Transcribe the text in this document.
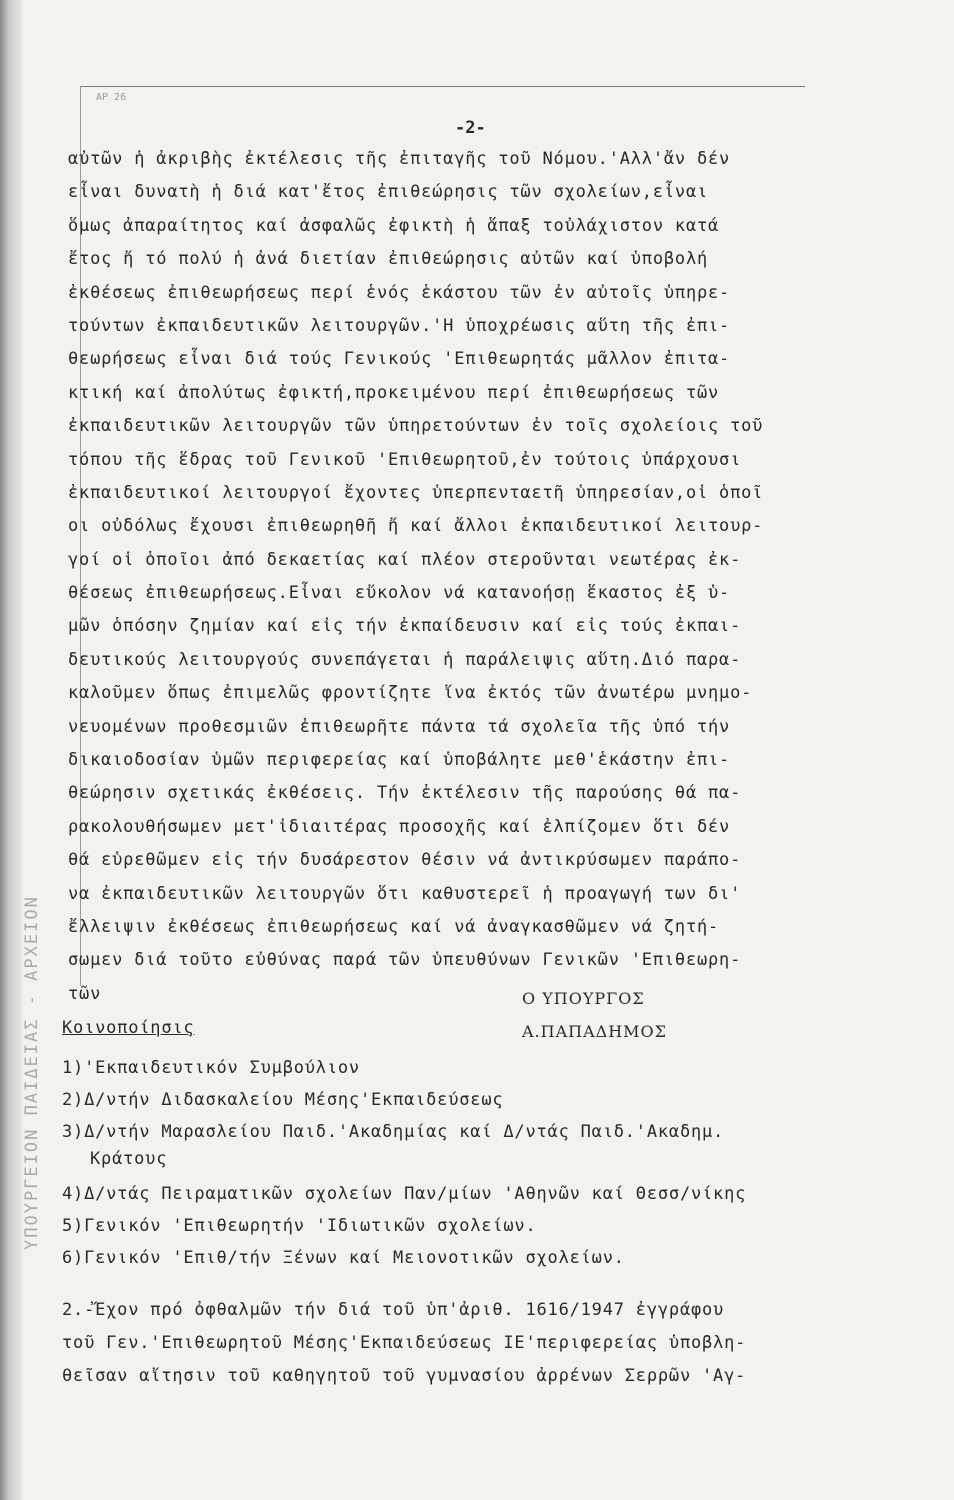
ΥΠΟΥΡΓΕΙΟΝ ΠΑΙΔΕΙΑΣ - ΑΡΧΕΙΟΝ
ΑΡ 26
-2-
αὐτῶν ἡ ἀκριβὴς ἐκτέλεσις τῆς ἐπιταγῆς τοῦ Νόμου.'Αλλ'ἄν δέν
εἶναι δυνατὴ ἡ διά κατ'ἔτος ἐπιθεώρησις τῶν σχολείων,εἶναι
ὅμως ἀπαραίτητος καί ἀσφαλῶς ἐφικτὴ ἡ ἅπαξ τοὐλάχιστον κατά
ἔτος ἤ τό πολύ ἡ ἀνά διετίαν ἐπιθεώρησις αὐτῶν καί ὑποβολή
ἐκθέσεως ἐπιθεωρήσεως περί ἑνός ἑκάστου τῶν ἐν αὐτοῖς ὑπηρε-
τούντων ἐκπαιδευτικῶν λειτουργῶν.'Η ὑποχρέωσις αὕτη τῆς ἐπι-
θεωρήσεως εἶναι διά τούς Γενικούς 'Επιθεωρητάς μᾶλλον ἐπιτα-
κτική καί ἀπολύτως ἐφικτή,προκειμένου περί ἐπιθεωρήσεως τῶν
ἐκπαιδευτικῶν λειτουργῶν τῶν ὑπηρετούντων ἐν τοῖς σχολείοις τοῦ
τόπου τῆς ἕδρας τοῦ Γενικοῦ 'Επιθεωρητοῦ,ἐν τούτοις ὑπάρχουσι
ἐκπαιδευτικοί λειτουργοί ἔχοντες ὑπερπενταετῆ ὑπηρεσίαν,οἱ ὁποῖ
οι οὐδόλως ἔχουσι ἐπιθεωρηθῆ ἤ καί ἄλλοι ἐκπαιδευτικοί λειτουρ-
γοί οἱ ὁποῖοι ἀπό δεκαετίας καί πλέον στεροῦνται νεωτέρας ἐκ-
θέσεως ἐπιθεωρήσεως.Εἶναι εὔκολον νά κατανοήσῃ ἕκαστος ἐξ ὑ-
μῶν ὁπόσην ζημίαν καί εἰς τήν ἐκπαίδευσιν καί εἰς τούς ἐκπαι-
δευτικούς λειτουργούς συνεπάγεται ἡ παράλειψις αὕτη.Διό παρα-
καλοῦμεν ὅπως ἐπιμελῶς φροντίζητε ἵνα ἐκτός τῶν ἀνωτέρω μνημο-
νευομένων προθεσμιῶν ἐπιθεωρῆτε πάντα τά σχολεῖα τῆς ὑπό τήν
δικαιοδοσίαν ὑμῶν περιφερείας καί ὑποβάλητε μεθ'ἑκάστην ἐπι-
θεώρησιν σχετικάς ἐκθέσεις. Τήν ἐκτέλεσιν τῆς παρούσης θά πα-
ρακολουθήσωμεν μετ'ἰδιαιτέρας προσοχῆς καί ἐλπίζομεν ὅτι δέν
θά εὑρεθῶμεν εἰς τήν δυσάρεστον θέσιν νά ἀντικρύσωμεν παράπο-
να ἐκπαιδευτικῶν λειτουργῶν ὅτι καθυστερεῖ ἡ προαγωγή των δι'
ἔλλειψιν ἐκθέσεως ἐπιθεωρήσεως καί νά ἀναγκασθῶμεν νά ζητή-
σωμεν διά τοῦτο εὐθύνας παρά τῶν ὑπευθύνων Γενικῶν 'Επιθεωρη-
τῶν	Ο ΥΠΟΥΡΓΟΣ
Α.ΠΑΠΑΔΗΜΟΣ
Κοινοποίησις
1)'Εκπαιδευτικόν Συμβούλιον
2)Δ/ντήν Διδασκαλείου Μέσης'Εκπαιδεύσεως
3)Δ/ντήν Μαρασλείου Παιδ.'Ακαδημίας καί Δ/ντάς Παιδ.'Ακαδημ.
Κράτους
4)Δ/ντάς Πειραματικῶν σχολείων Παν/μίων 'Αθηνῶν καί Θεσσ/νίκης
5)Γενικόν 'Επιθεωρητήν 'Ιδιωτικῶν σχολείων.
6)Γενικόν 'Επιθ/τήν Ξένων καί Μειονοτικῶν σχολείων.
2.-Ἔχον πρό ὀφθαλμῶν τήν διά τοῦ ὑπ'ἀριθ. 1616/1947 ἐγγράφου
τοῦ Γεν.'Επιθεωρητοῦ Μέσης'Εκπαιδεύσεως ΙΕ'περιφερείας ὑποβλη-
θεῖσαν αἴτησιν τοῦ καθηγητοῦ τοῦ γυμνασίου ἀρρένων Σερρῶν 'Αγ-
